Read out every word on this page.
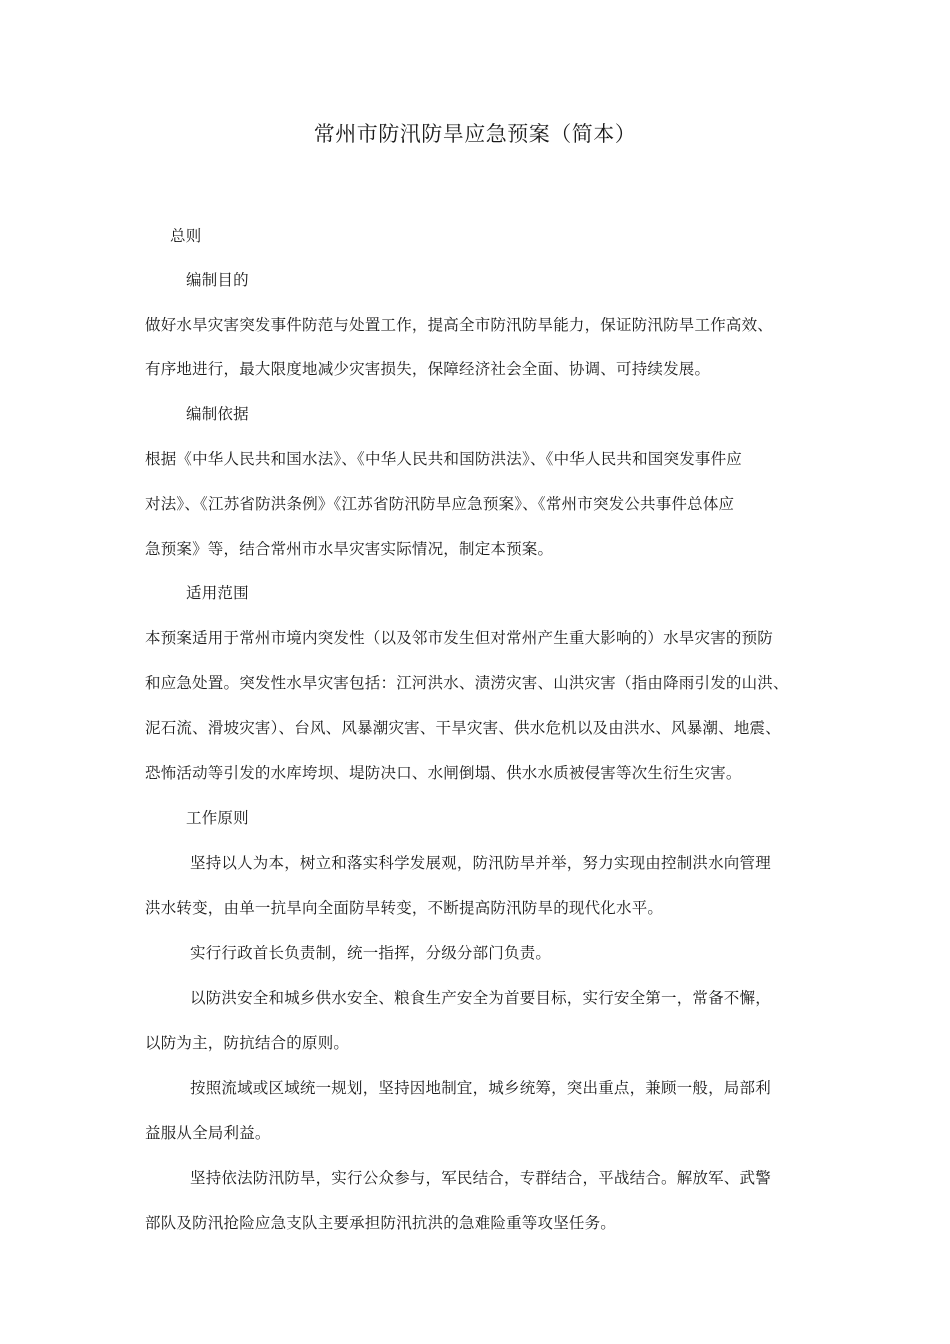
常州市防汛防旱应急预案（简本）
总则
编制目的
做好水旱灾害突发事件防范与处置工作，提高全市防汛防旱能力，保证防汛防旱工作高效、
有序地进行，最大限度地减少灾害损失，保障经济社会全面、协调、可持续发展。
编制依据
根据《中华人民共和国水法》、《中华人民共和国防洪法》、《中华人民共和国突发事件应
对法》、《江苏省防洪条例》《江苏省防汛防旱应急预案》、《常州市突发公共事件总体应
急预案》等，结合常州市水旱灾害实际情况，制定本预案。
适用范围
本预案适用于常州市境内突发性（以及邻市发生但对常州产生重大影响的）水旱灾害的预防
和应急处置。突发性水旱灾害包括：江河洪水、渍涝灾害、山洪灾害（指由降雨引发的山洪、
泥石流、滑坡灾害）、台风、风暴潮灾害、干旱灾害、供水危机以及由洪水、风暴潮、地震、
恐怖活动等引发的水库垮坝、堤防决口、水闸倒塌、供水水质被侵害等次生衍生灾害。
工作原则
坚持以人为本，树立和落实科学发展观，防汛防旱并举，努力实现由控制洪水向管理
洪水转变，由单一抗旱向全面防旱转变，不断提高防汛防旱的现代化水平。
实行行政首长负责制，统一指挥，分级分部门负责。
以防洪安全和城乡供水安全、粮食生产安全为首要目标，实行安全第一，常备不懈，
以防为主，防抗结合的原则。
按照流域或区域统一规划，坚持因地制宜，城乡统筹，突出重点，兼顾一般，局部利
益服从全局利益。
坚持依法防汛防旱，实行公众参与，军民结合，专群结合，平战结合。解放军、武警
部队及防汛抢险应急支队主要承担防汛抗洪的急难险重等攻坚任务。
